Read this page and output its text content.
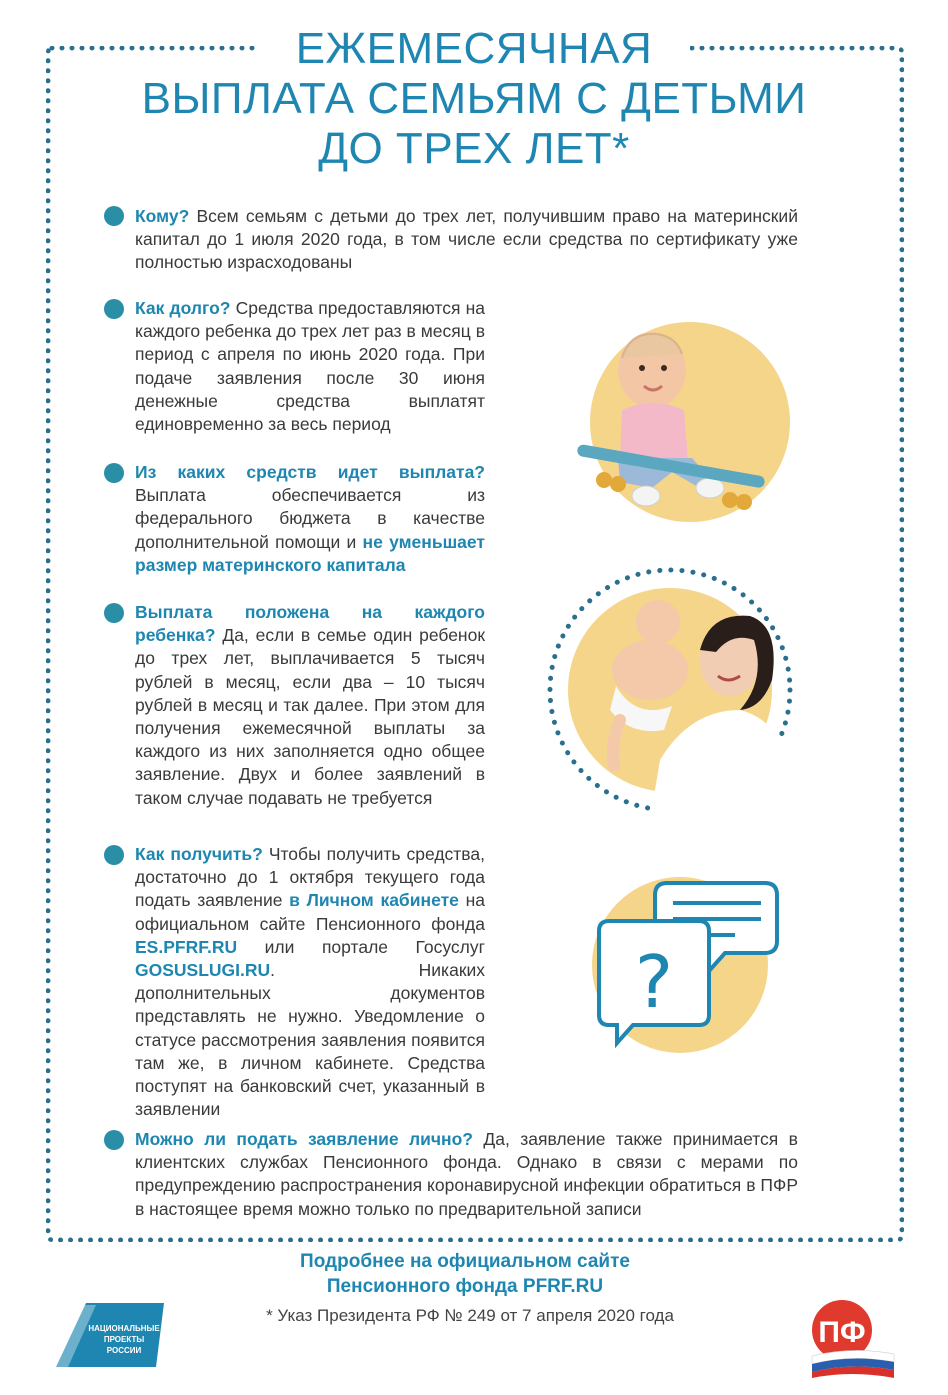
ЕЖЕМЕСЯЧНАЯ
ВЫПЛАТА СЕМЬЯМ С ДЕТЬМИ
ДО ТРЕХ ЛЕТ*
Кому? Всем семьям с детьми до трех лет, получившим право на материнский капитал до 1 июля 2020 года, в том числе если средства по сертификату уже полностью израсходованы
Как долго? Средства предоставляются на каждого ребенка до трех лет раз в месяц в период с апреля по июнь 2020 года. При подаче заявления после 30 июня денежные средства выплатят единовременно за весь период
Из каких средств идет выплата? Выплата обеспечивается из федерального бюджета в качестве дополнительной помощи и не уменьшает размер материнского капитала
Выплата положена на каждого ребенка? Да, если в семье один ребенок до трех лет, выплачивается 5 тысяч рублей в месяц, если два – 10 тысяч рублей в месяц и так далее. При этом для получения ежемесячной выплаты за каждого из них заполняется одно общее заявление. Двух и более заявлений в таком случае подавать не требуется
Как получить? Чтобы получить средства, достаточно до 1 октября текущего года подать заявление в Личном кабинете на официальном сайте Пенсионного фонда ES.PFRF.RU или портале Госуслуг GOSUSLUGI.RU. Никаких дополнительных документов представлять не нужно. Уведомление о статусе рассмотрения заявления появится там же, в личном кабинете. Средства поступят на банковский счет, указанный в заявлении
Можно ли подать заявление лично? Да, заявление также принимается в клиентских службах Пенсионного фонда. Однако в связи с мерами по предупреждению распространения коронавирусной инфекции обратиться в ПФР в настоящее время можно только по предварительной записи
?
Подробнее на официальном сайте
Пенсионного фонда PFRF.RU
* Указ Президента РФ № 249 от 7 апреля 2020 года
ДЕМОГРАФИЯ
НАЦИОНАЛЬНЫЕ
ПРОЕКТЫ
РОССИИ
ПФ
